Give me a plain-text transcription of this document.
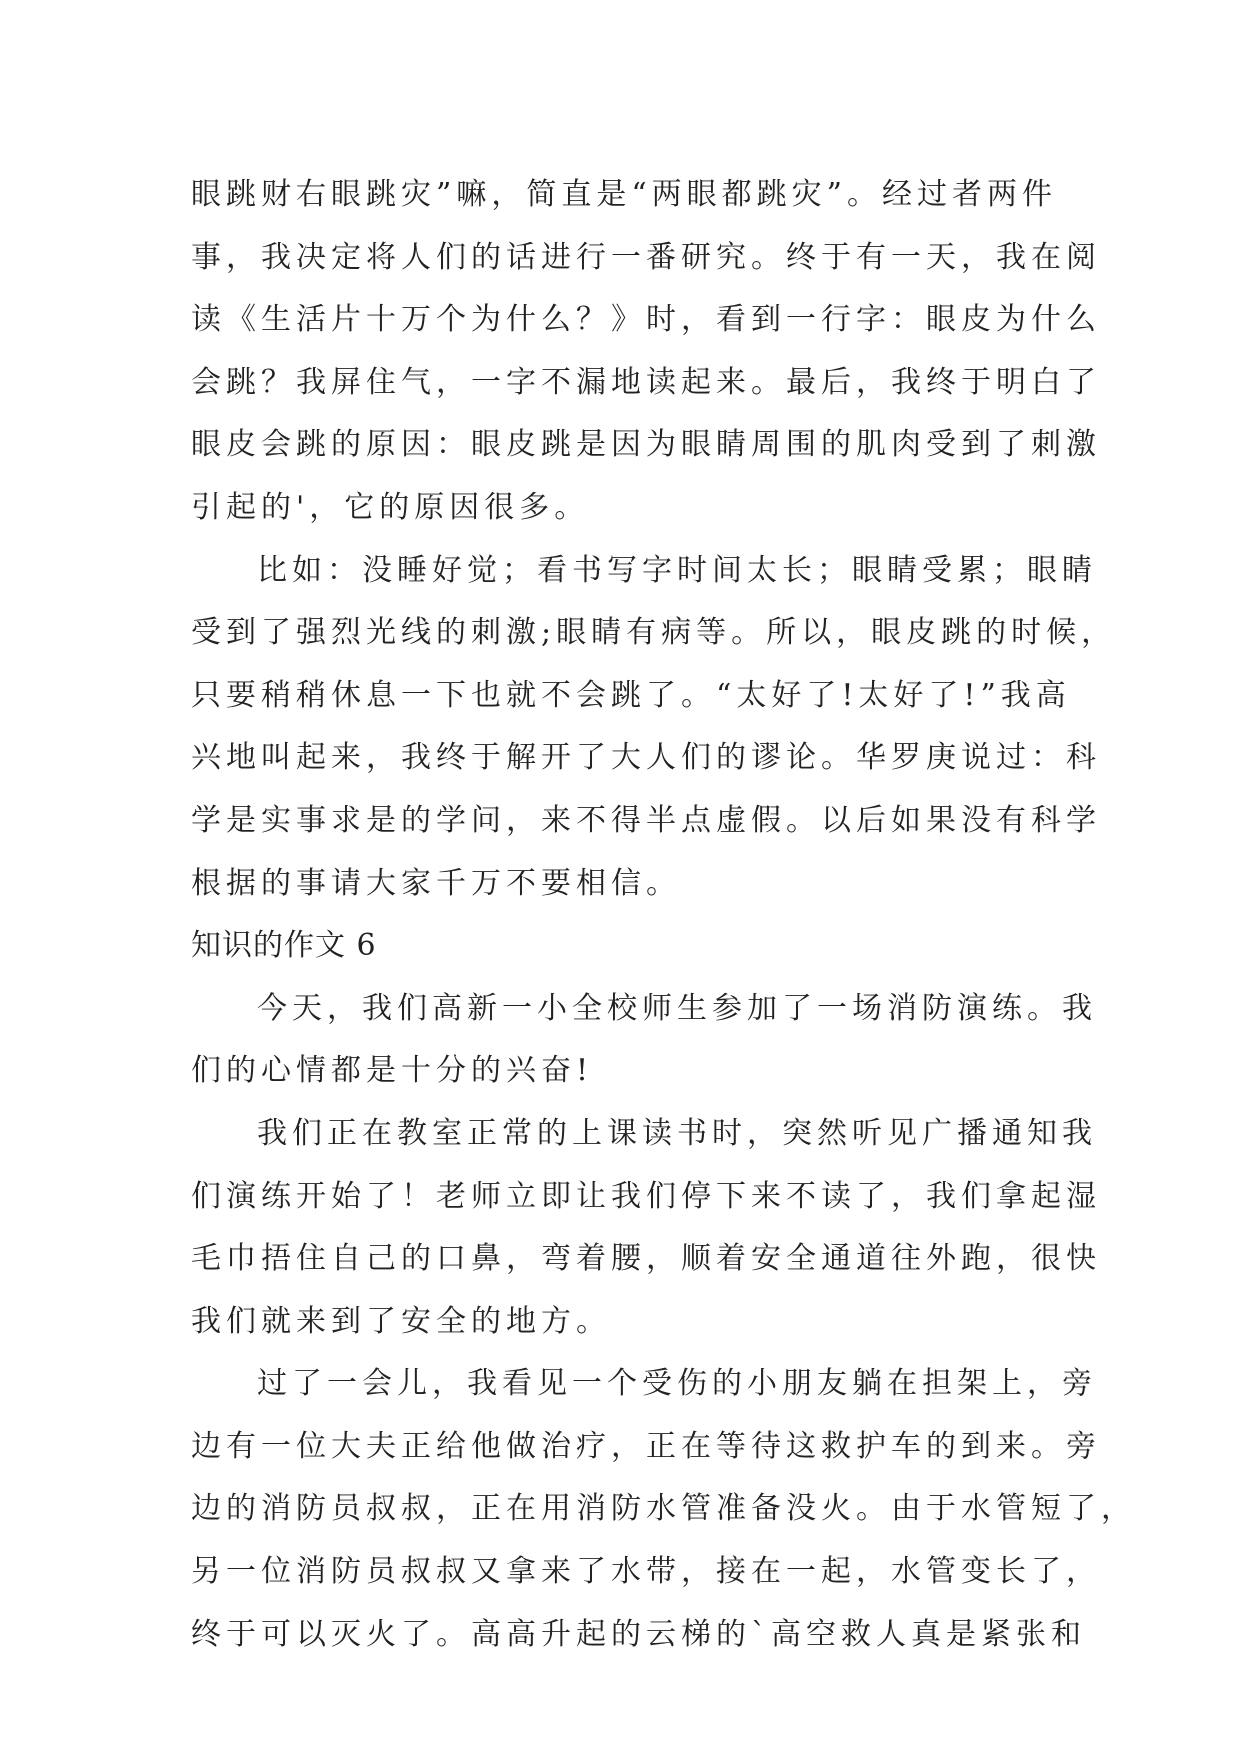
眼跳财右眼跳灾”嘛，简直是“两眼都跳灾”。经过者两件
事，我决定将人们的话进行一番研究。终于有一天，我在阅
读《生活片十万个为什么？》时，看到一行字：眼皮为什么
会跳？我屏住气，一字不漏地读起来。最后，我终于明白了
眼皮会跳的原因：眼皮跳是因为眼睛周围的肌肉受到了刺激
引起的'，它的原因很多。
比如：没睡好觉；看书写字时间太长；眼睛受累；眼睛
受到了强烈光线的刺激;眼睛有病等。所以，眼皮跳的时候，
只要稍稍休息一下也就不会跳了。“太好了!太好了!”我高
兴地叫起来，我终于解开了大人们的谬论。华罗庚说过：科
学是实事求是的学问，来不得半点虚假。以后如果没有科学
根据的事请大家千万不要相信。
知识的作文 6
今天，我们高新一小全校师生参加了一场消防演练。我
们的心情都是十分的兴奋!
我们正在教室正常的上课读书时，突然听见广播通知我
们演练开始了！老师立即让我们停下来不读了，我们拿起湿
毛巾捂住自己的口鼻，弯着腰，顺着安全通道往外跑，很快
我们就来到了安全的地方。
过了一会儿，我看见一个受伤的小朋友躺在担架上，旁
边有一位大夫正给他做治疗，正在等待这救护车的到来。旁
边的消防员叔叔，正在用消防水管准备没火。由于水管短了，
另一位消防员叔叔又拿来了水带，接在一起，水管变长了，
终于可以灭火了。高高升起的云梯的`高空救人真是紧张和
